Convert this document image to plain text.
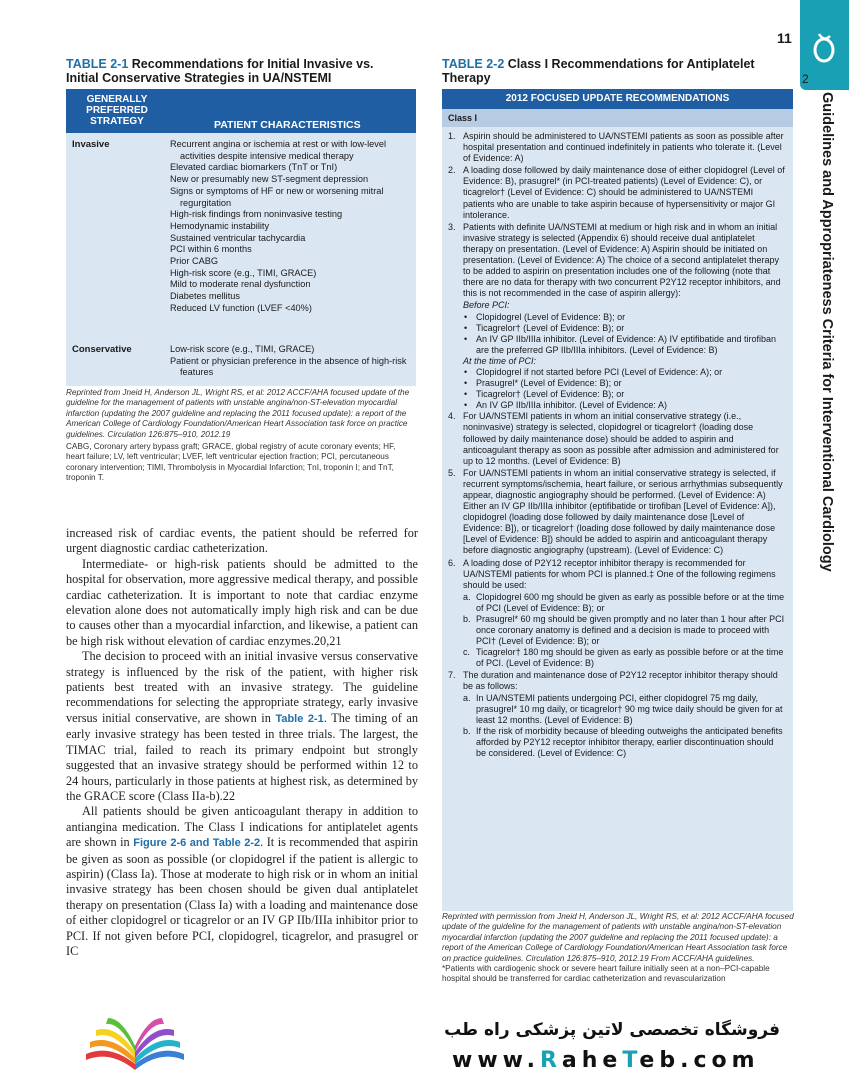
11
2
Guidelines and Appropriateness Criteria for Interventional Cardiology
TABLE 2-1 Recommendations for Initial Invasive vs.
Initial Conservative Strategies in UA/NSTEMI
GENERALLY PREFERRED STRATEGY	PATIENT CHARACTERISTICS
Invasive	Recurrent angina or ischemia at rest or with low-level activities despite intensive medical therapy
Elevated cardiac biomarkers (TnT or TnI)
New or presumably new ST-segment depression
Signs or symptoms of HF or new or worsening mitral regurgitation
High-risk findings from noninvasive testing
Hemodynamic instability
Sustained ventricular tachycardia
PCI within 6 months
Prior CABG
High-risk score (e.g., TIMI, GRACE)
Mild to moderate renal dysfunction
Diabetes mellitus
Reduced LV function (LVEF <40%)
Conservative	Low-risk score (e.g., TIMI, GRACE)
Patient or physician preference in the absence of high-risk features
Reprinted from Jneid H, Anderson JL, Wright RS, et al: 2012 ACCF/AHA focused update of the guideline for the management of patients with unstable angina/non-ST-elevation myocardial infarction (updating the 2007 guideline and replacing the 2011 focused update): a report of the American College of Cardiology Foundation/American Heart Association task force on practice guidelines. Circulation 126:875–910, 2012.19
CABG, Coronary artery bypass graft; GRACE, global registry of acute coronary events; HF, heart failure; LV, left ventricular; LVEF, left ventricular ejection fraction; PCI, percutaneous coronary intervention; TIMI, Thrombolysis in Myocardial Infarction; TnI, troponin I; and TnT, troponin T.

increased risk of cardiac events, the patient should be referred for urgent diagnostic cardiac catheterization.

Intermediate- or high-risk patients should be admitted to the hospital for observation, more aggressive medical therapy, and possible cardiac catheterization. It is important to note that cardiac enzyme elevation alone does not automatically imply high risk and can be due to causes other than a myocardial infarction, and likewise, a patient can be high risk without elevation of cardiac enzymes.20,21

The decision to proceed with an initial invasive versus conservative strategy is influenced by the risk of the patient, with higher risk patients best treated with an invasive strategy. The guideline recommendations for selecting the appropriate strategy, early invasive versus initial conservative, are shown in Table 2-1. The timing of an early invasive strategy has been tested in three trials. The largest, the TIMAC trial, failed to reach its primary endpoint but strongly suggested that an invasive strategy should be performed within 12 to 24 hours, particularly in those patients at highest risk, as determined by the GRACE score (Class IIa-b).22

All patients should be given anticoagulant therapy in addition to antiangina medication. The Class I indications for antiplatelet agents are shown in Figure 2-6 and Table 2-2. It is recommended that aspirin be given as soon as possible (or clopidogrel if the patient is allergic to aspirin) (Class Ia). Those at moderate to high risk or in whom an initial invasive strategy has been chosen should be given dual antiplatelet therapy on presentation (Class Ia) with a loading and maintenance dose of either clopidogrel or ticagrelor or an IV GP IIb/IIIa inhibitor prior to PCI. If not given before PCI, clopidogrel, ticagrelor, and prasugrel or IC

TABLE 2-2 Class I Recommendations for Antiplatelet
Therapy
2012 FOCUSED UPDATE RECOMMENDATIONS
Class I
1. Aspirin should be administered to UA/NSTEMI patients as soon as possible after hospital presentation and continued indefinitely in patients who tolerate it. (Level of Evidence: A)
2. A loading dose followed by daily maintenance dose of either clopidogrel (Level of Evidence: B), prasugrel* (in PCI-treated patients) (Level of Evidence: C), or ticagrelor† (Level of Evidence: C) should be administered to UA/NSTEMI patients who are unable to take aspirin because of hypersensitivity or major GI intolerance.
3. Patients with definite UA/NSTEMI at medium or high risk and in whom an initial invasive strategy is selected (Appendix 6) should receive dual antiplatelet therapy on presentation. (Level of Evidence: A) Aspirin should be initiated on presentation. (Level of Evidence: A) The choice of a second antiplatelet therapy to be added to aspirin on presentation includes one of the following (note that there are no data for therapy with two concurrent P2Y12 receptor inhibitors, and this is not recommended in the case of aspirin allergy):
Before PCI:
• Clopidogrel (Level of Evidence: B); or
• Ticagrelor† (Level of Evidence: B); or
• An IV GP IIb/IIIa inhibitor. (Level of Evidence: A) IV eptifibatide and tirofiban are the preferred GP IIb/IIIa inhibitors. (Level of Evidence: B)
At the time of PCI:
• Clopidogrel if not started before PCI (Level of Evidence: A); or
• Prasugrel* (Level of Evidence: B); or
• Ticagrelor† (Level of Evidence: B); or
• An IV GP IIb/IIIa inhibitor. (Level of Evidence: A)
4. For UA/NSTEMI patients in whom an initial conservative strategy (i.e., noninvasive) strategy is selected, clopidogrel or ticagrelor† (loading dose followed by daily maintenance dose) should be added to aspirin and anticoagulant therapy as soon as possible after admission and administered for up to 12 months. (Level of Evidence: B)
5. For UA/NSTEMI patients in whom an initial conservative strategy is selected, if recurrent symptoms/ischemia, heart failure, or serious arrhythmias subsequently appear, diagnostic angiography should be performed. (Level of Evidence: A) Either an IV GP IIb/IIIa inhibitor (eptifibatide or tirofiban [Level of Evidence: A]), clopidogrel (loading dose followed by daily maintenance dose [Level of Evidence: B]), or ticagrelor† (loading dose followed by daily maintenance dose [Level of Evidence: B]) should be added to aspirin and anticoagulant therapy before diagnostic angiography (upstream). (Level of Evidence: C)
6. A loading dose of P2Y12 receptor inhibitor therapy is recommended for UA/NSTEMI patients for whom PCI is planned.‡ One of the following regimens should be used:
a. Clopidogrel 600 mg should be given as early as possible before or at the time of PCI (Level of Evidence: B); or
b. Prasugrel* 60 mg should be given promptly and no later than 1 hour after PCI once coronary anatomy is defined and a decision is made to proceed with PCI† (Level of Evidence: B); or
c. Ticagrelor† 180 mg should be given as early as possible before or at the time of PCI. (Level of Evidence: B)
7. The duration and maintenance dose of P2Y12 receptor inhibitor therapy should be as follows:
a. In UA/NSTEMI patients undergoing PCI, either clopidogrel 75 mg daily, prasugrel* 10 mg daily, or ticagrelor† 90 mg twice daily should be given for at least 12 months. (Level of Evidence: B)
b. If the risk of morbidity because of bleeding outweighs the anticipated benefits afforded by P2Y12 receptor inhibitor therapy, earlier discontinuation should be considered. (Level of Evidence: C)
Reprinted with permission from Jneid H, Anderson JL, Wright RS, et al: 2012 ACCF/AHA focused update of the guideline for the management of patients with unstable angina/non-ST-elevation myocardial infarction (updating the 2007 guideline and replacing the 2011 focused update): a report of the American College of Cardiology Foundation/American Heart Association task force on practice guidelines. Circulation 126:875–910, 2012.19 From ACCF/AHA guidelines.
*Patients with cardiogenic shock or severe heart failure initially seen at a non–PCI-capable hospital should be transferred for cardiac catheterization and revascularization
فروشگاه تخصصی لاتین پزشکی راه طب
www.RaheTeb.com
